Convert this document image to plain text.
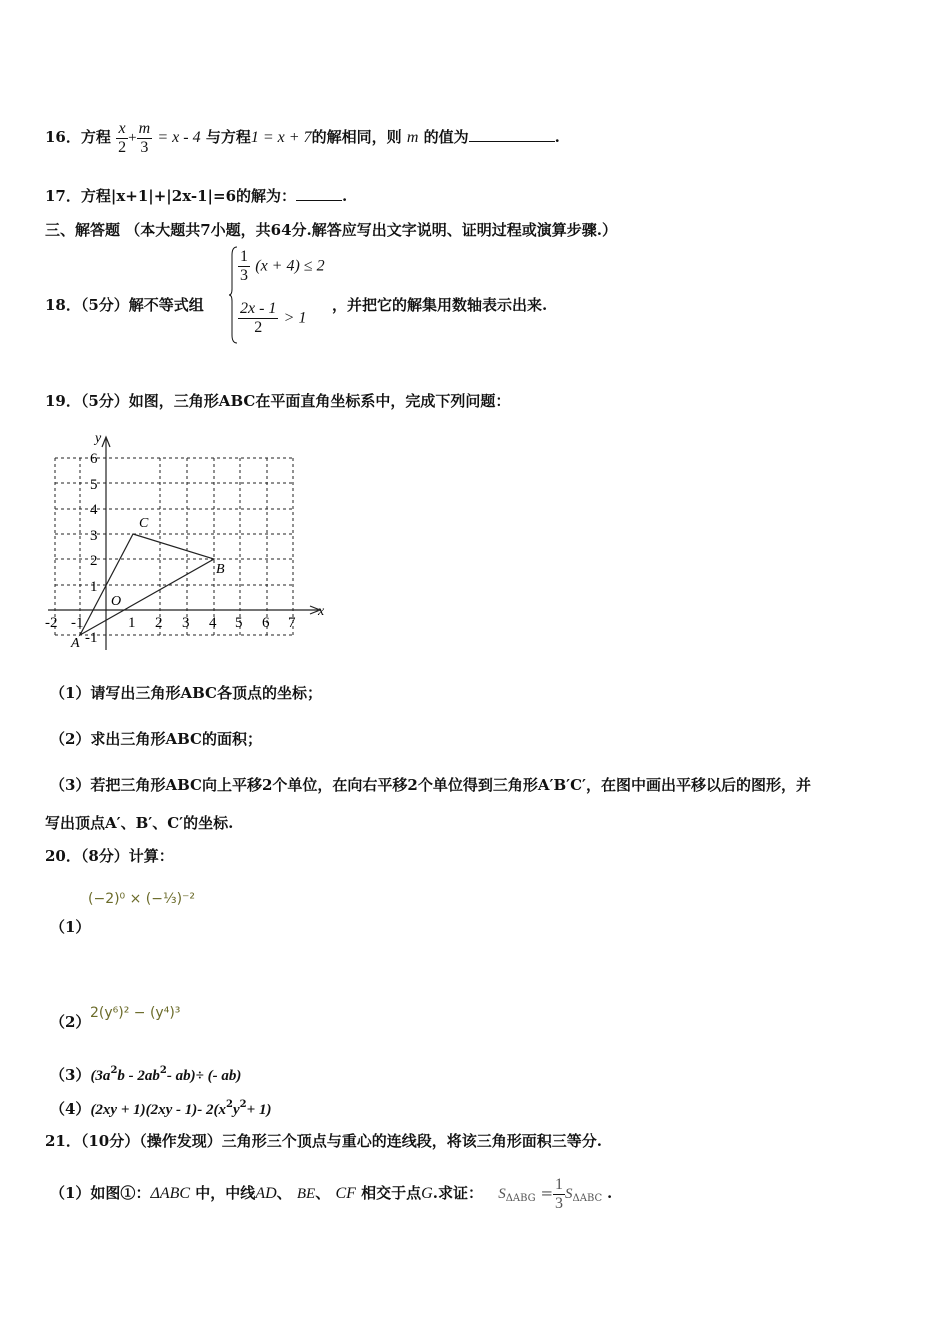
16．方程 $\frac{x}{2} + \frac{m}{3} = x - 4$ 与方程1 = x + 7的解相同，则 m 的值为	.
17．方程|x+1|+|2x-1|=6的解为：	.
三、解答题 （本大题共7小题，共64分.解答应写出文字说明、证明过程或演算步骤.）
18．（5分）解不等式组
$\frac{1}{3} (x + 4) \le 2$
$\frac{2x - 1}{2} > 1$
，并把它的解集用数轴表示出来.
19．（5分）如图，三角形ABC在平面直角坐标系中，完成下列问题：
y
x
6
5
4
3
2
1
-1
-2 -1	1 2 3 4 5 6 7
O
A
B
C
（1）请写出三角形ABC各顶点的坐标；
（2）求出三角形ABC的面积；
（3）若把三角形ABC向上平移2个单位，在向右平移2个单位得到三角形A′B′C′，在图中画出平移以后的图形，并
写出顶点A′、B′、C′的坐标.
20．（8分）计算：
(−2)⁰ × (−⅓)⁻²
（1）
2(y⁶)² − (y⁴)³
（2）
$(3)(3a^2b - 2ab^2-$ ab)÷ (- ab)
（4）(2xy + 1)(2xy - 1)- $2(x^2y^2+ 1)$
21．（10分）（操作发现）三角形三个顶点与重心的连线段，将该三角形面积三等分.
（1）如图①：ΔABC 中，中线AD、 BE、 CF 相交于点G.求证： $S_{\Delta ABG} = \frac{1}{3} S_{\Delta ABC}$ .
